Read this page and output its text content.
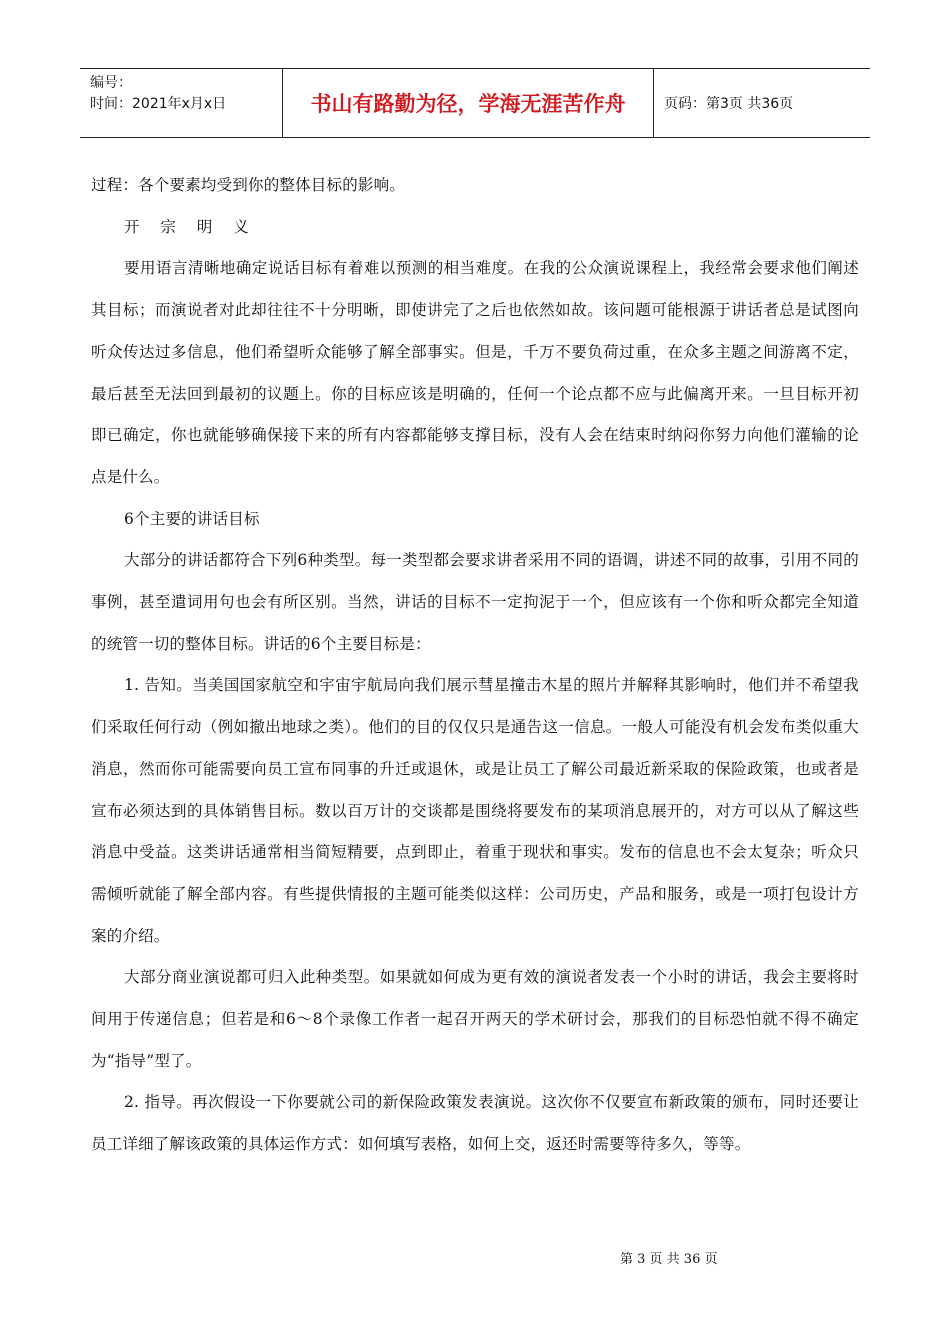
编号：
时间：2021年x月x日	书山有路勤为径，学海无涯苦作舟	页码：第3页 共36页

过程：各个要素均受到你的整体目标的影响。

开 宗 明 义

要用语言清晰地确定说话目标有着难以预测的相当难度。在我的公众演说课程上，我经常会要求他们阐述其目标；而演说者对此却往往不十分明晰，即使讲完了之后也依然如故。该问题可能根源于讲话者总是试图向听众传达过多信息，他们希望听众能够了解全部事实。但是，千万不要负荷过重，在众多主题之间游离不定，最后甚至无法回到最初的议题上。你的目标应该是明确的，任何一个论点都不应与此偏离开来。一旦目标开初即已确定，你也就能够确保接下来的所有内容都能够支撑目标，没有人会在结束时纳闷你努力向他们灌输的论点是什么。

6个主要的讲话目标

大部分的讲话都符合下列6种类型。每一类型都会要求讲者采用不同的语调，讲述不同的故事，引用不同的事例，甚至遣词用句也会有所区别。当然，讲话的目标不一定拘泥于一个，但应该有一个你和听众都完全知道的统管一切的整体目标。讲话的6个主要目标是：

1. 告知。当美国国家航空和宇宙宇航局向我们展示彗星撞击木星的照片并解释其影响时，他们并不希望我们采取任何行动（例如撤出地球之类）。他们的目的仅仅只是通告这一信息。一般人可能没有机会发布类似重大消息，然而你可能需要向员工宣布同事的升迁或退休，或是让员工了解公司最近新采取的保险政策，也或者是宣布必须达到的具体销售目标。数以百万计的交谈都是围绕将要发布的某项消息展开的，对方可以从了解这些消息中受益。这类讲话通常相当简短精要，点到即止，着重于现状和事实。发布的信息也不会太复杂；听众只需倾听就能了解全部内容。有些提供情报的主题可能类似这样：公司历史，产品和服务，或是一项打包设计方案的介绍。

大部分商业演说都可归入此种类型。如果就如何成为更有效的演说者发表一个小时的讲话，我会主要将时间用于传递信息；但若是和6～8个录像工作者一起召开两天的学术研讨会，那我们的目标恐怕就不得不确定为“指导”型了。

2. 指导。再次假设一下你要就公司的新保险政策发表演说。这次你不仅要宣布新政策的颁布，同时还要让员工详细了解该政策的具体运作方式：如何填写表格，如何上交，返还时需要等待多久，等等。

第 3 页 共 36 页
